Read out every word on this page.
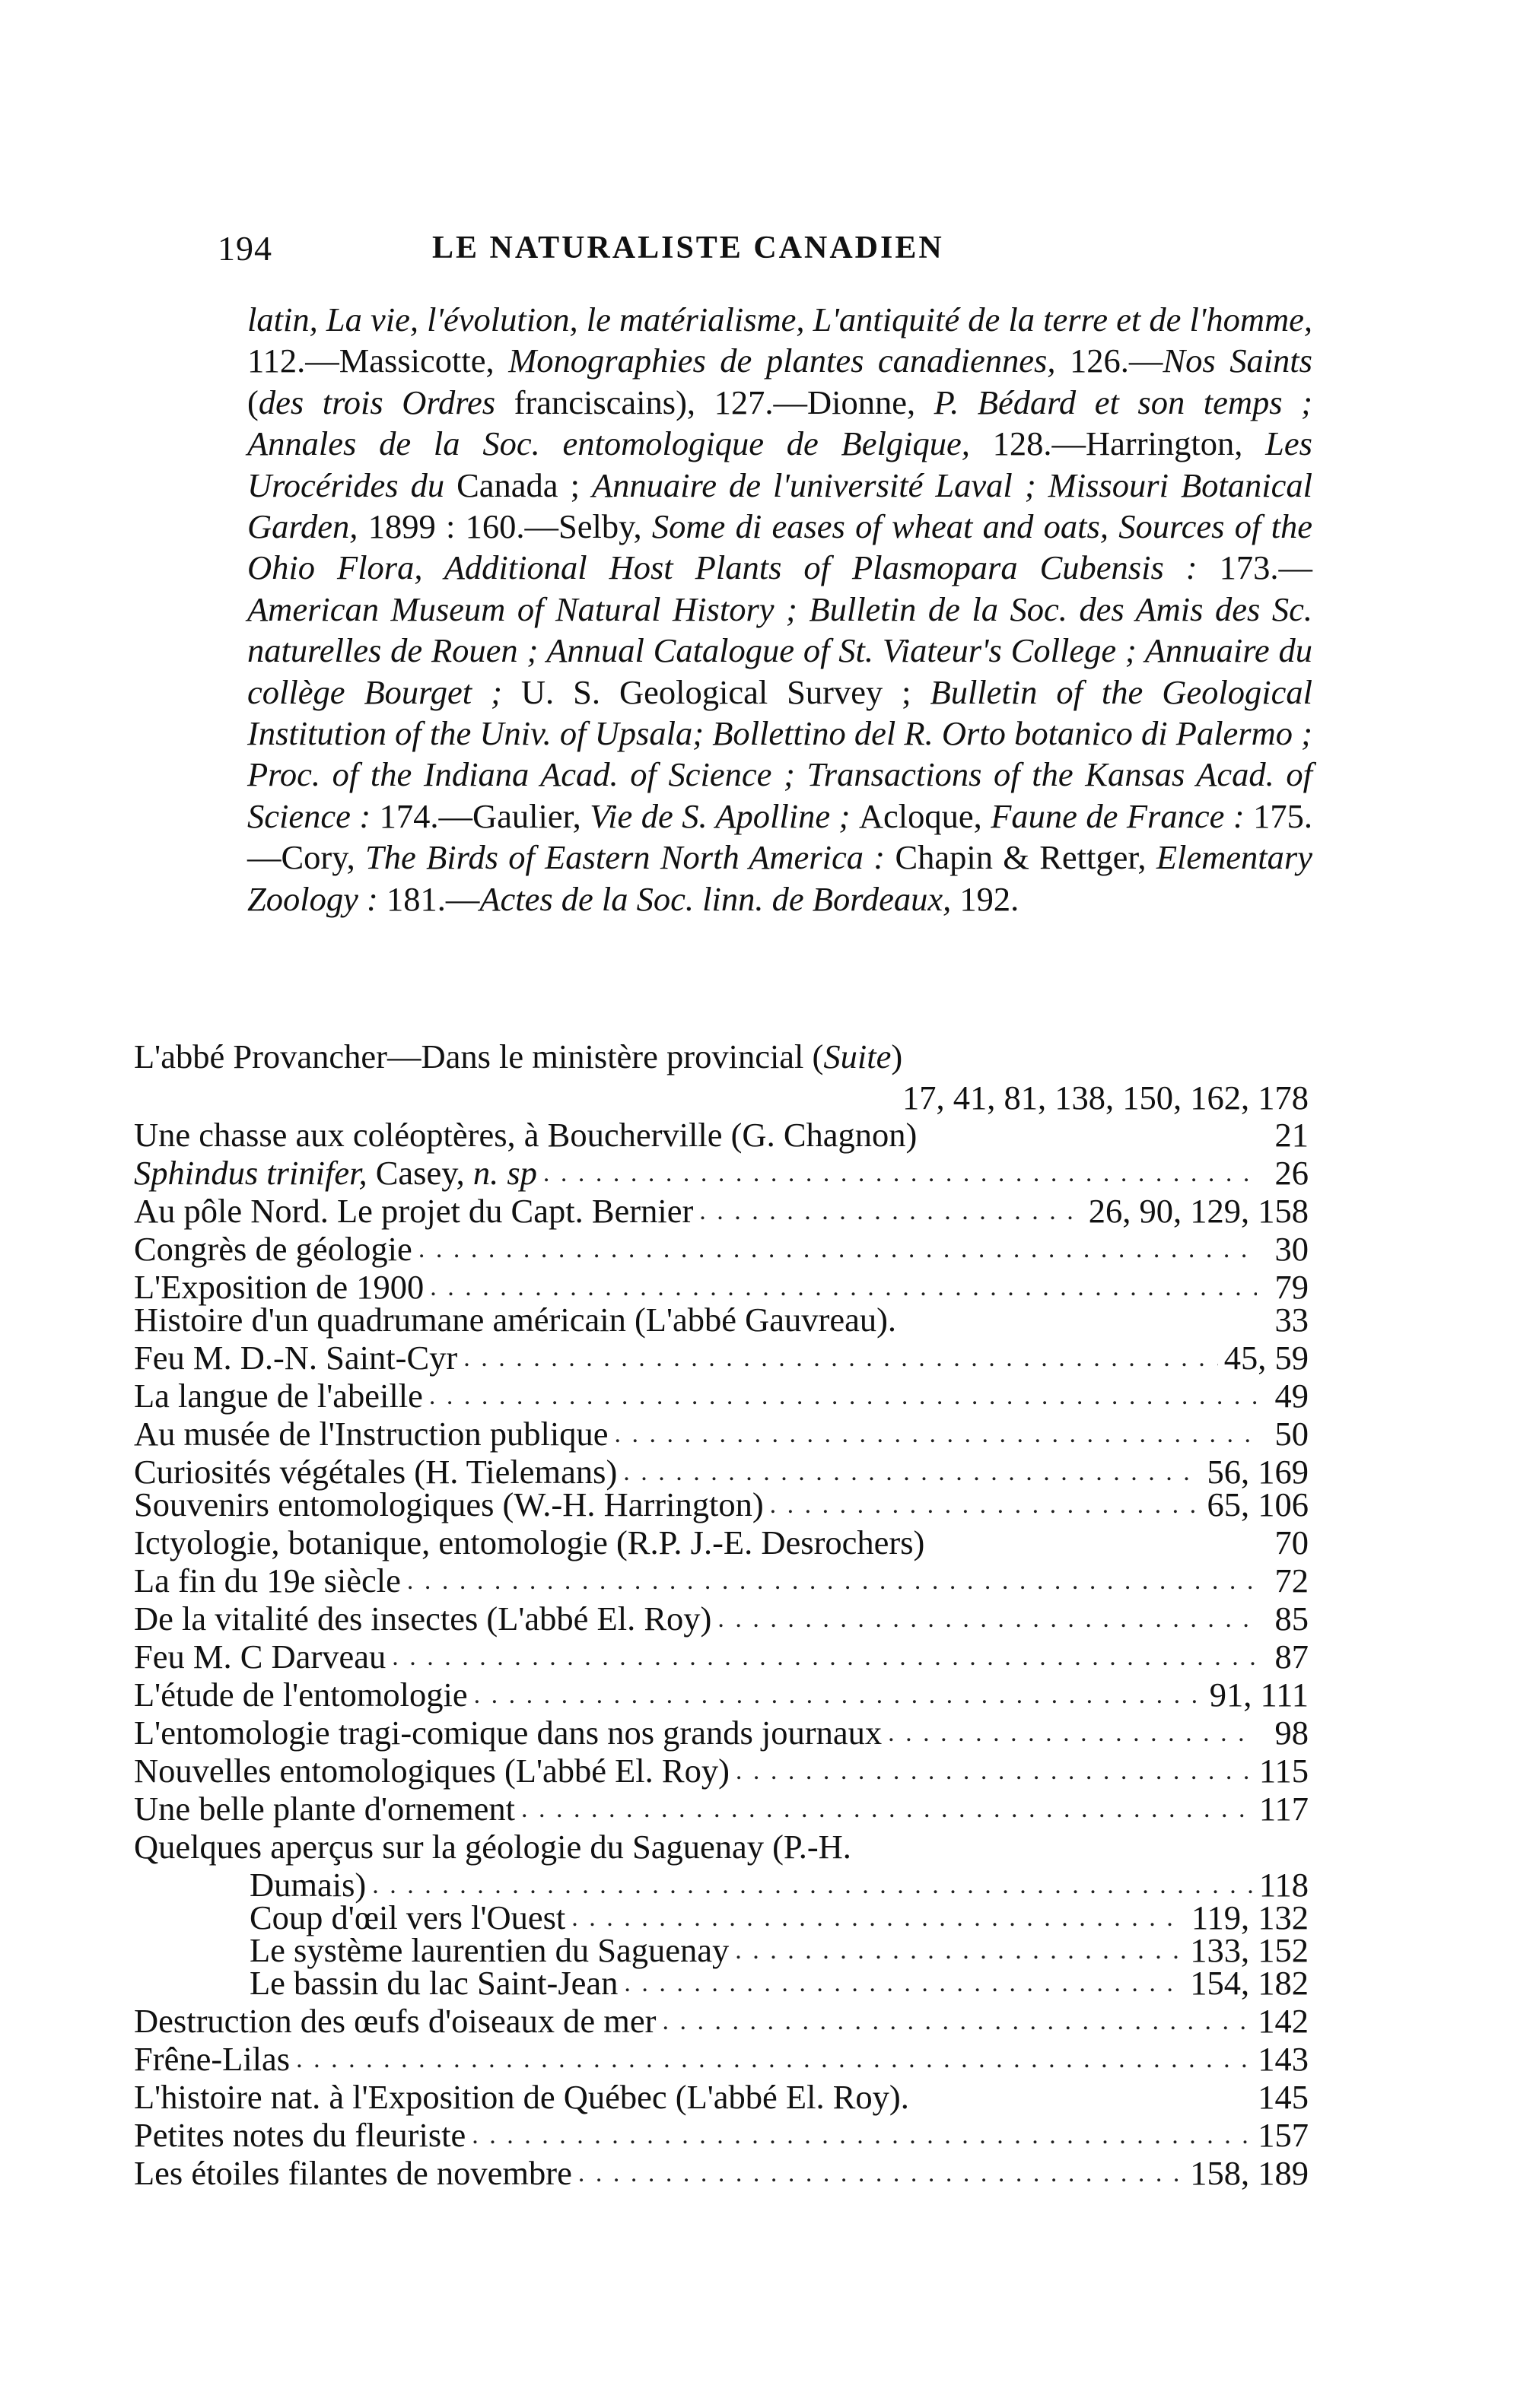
194	LE NATURALISTE CANADIEN

latin, La vie, l'évolution, le matérialisme, L'antiquité de la terre et de l'homme, 112.—Massicotte, Monographies de plantes canadiennes, 126.—Nos Saints (des trois Ordres franciscains), 127.—Dionne, P. Bédard et son temps ; Annales de la Soc. entomologique de Belgique, 128.—Harrington, Les Urocérides du Canada ; Annuaire de l'université Laval ; Missouri Botanical Garden, 1899 : 160.—Selby, Some di eases of wheat and oats, Sources of the Ohio Flora, Additional Host Plants of Plasmopara Cubensis : 173.—American Museum of Natural History ; Bulletin de la Soc. des Amis des Sc. naturelles de Rouen ; Annual Catalogue of St. Viateur's College ; Annuaire du collège Bourget ; U. S. Geological Survey ; Bulletin of the Geological Institution of the Univ. of Upsala; Bollettino del R. Orto botanico di Palermo ; Proc. of the Indiana Acad. of Science ; Transactions of the Kansas Acad. of Science : 174.—Gaulier, Vie de S. Apolline ; Acloque, Faune de France : 175.—Cory, The Birds of Eastern North America : Chapin & Rettger, Elementary Zoology : 181.—Actes de la Soc. linn. de Bordeaux, 192.

L'abbé Provancher—Dans le ministère provincial (Suite)
17, 41, 81, 138, 150, 162, 178
Une chasse aux coléoptères, à Boucherville (G. Chagnon)	21
Sphindus trinifer, Casey, n. sp . . .	26
Au pôle Nord. Le projet du Capt. Bernier . . .	26, 90, 129, 158
Congrès de géologie . . .	30
L'Exposition de 1900 . . .	79
Histoire d'un quadrumane américain (L'abbé Gauvreau).	33
Feu M. D.-N. Saint-Cyr . . .	45, 59
La langue de l'abeille . . .	49
Au musée de l'Instruction publique . . .	50
Curiosités végétales (H. Tielemans) . . .	56, 169
Souvenirs entomologiques (W.-H. Harrington) . . .	65, 106
Ictyologie, botanique, entomologie (R.P. J.-E. Desrochers)	70
La fin du 19e siècle . . .	72
De la vitalité des insectes (L'abbé El. Roy) . . .	85
Feu M. C Darveau . . .	87
L'étude de l'entomologie . . .	91, 111
L'entomologie tragi-comique dans nos grands journaux . . .	98
Nouvelles entomologiques (L'abbé El. Roy) . . .	115
Une belle plante d'ornement . . .	117
Quelques aperçus sur la géologie du Saguenay (P.-H.
Dumais) . . .	118
Coup d'œil vers l'Ouest . . .	119, 132
Le système laurentien du Saguenay . . .	133, 152
Le bassin du lac Saint-Jean . . .	154, 182
Destruction des œufs d'oiseaux de mer . . .	142
Frêne-Lilas . . .	143
L'histoire nat. à l'Exposition de Québec (L'abbé El. Roy).	145
Petites notes du fleuriste . . .	157
Les étoiles filantes de novembre . . .	158, 189
